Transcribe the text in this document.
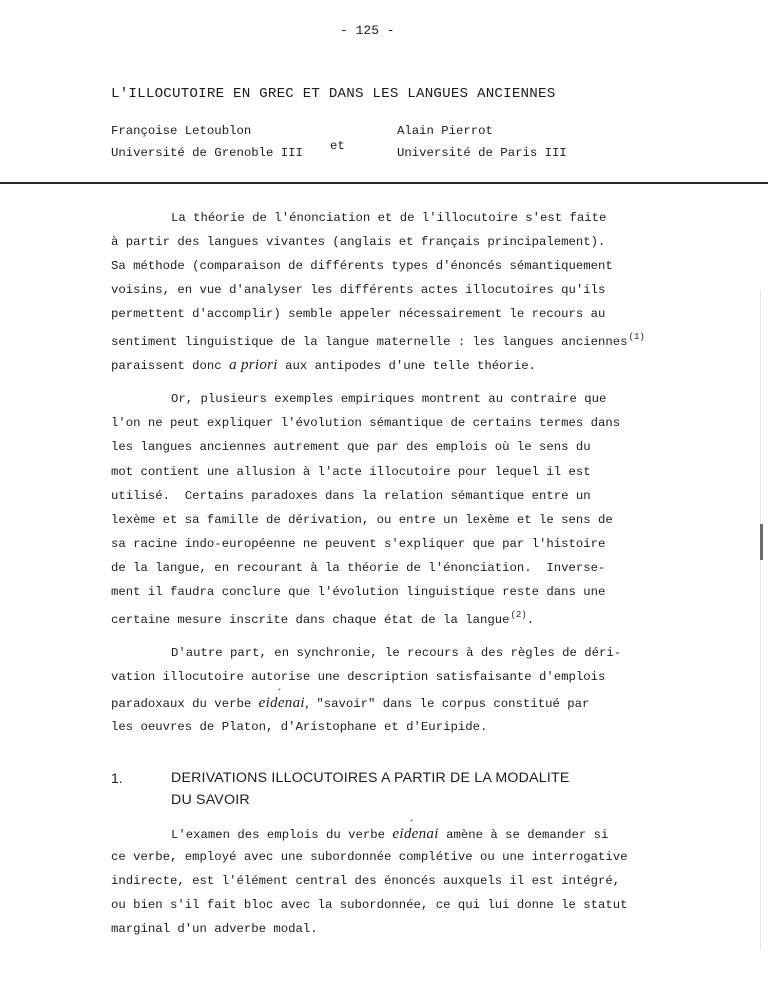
- 125 -

L'ILLOCUTOIRE EN GREC ET DANS LES LANGUES ANCIENNES

Françoise Letoublon

Université de Grenoble III et

Alain Pierrot

Université de Paris III

La théorie de l'énonciation et de l'illocutoire s'est faite

à partir des langues vivantes (anglais et français principalement).

Sa méthode (comparaison de différents types d'énoncés sémantiquement

voisins, en vue d'analyser les différents actes illocutoires qu'ils

permettent d'accomplir) semble appeler nécessairement le recours au

sentiment linguistique de la langue maternelle : les langues anciennes$^{(1)}$

paraissent donc a priori aux antipodes d'une telle théorie.

Or, plusieurs exemples empiriques montrent au contraire que

l'on ne peut expliquer l'évolution sémantique de certains termes dans

les langues anciennes autrement que par des emplois où le sens du

mot contient une allusion à l'acte illocutoire pour lequel il est

utilisé.  Certains paradoxes dans la relation sémantique entre un

lexème et sa famille de dérivation, ou entre un lexème et le sens de

sa racine indo-européenne ne peuvent s'expliquer que par l'histoire

de la langue, en recourant à la théorie de l'énonciation.  Inverse-

ment il faudra conclure que l'évolution linguistique reste dans une

certaine mesure inscrite dans chaque état de la langue$^{(2)}$.

D'autre part, en synchronie, le recours à des règles de déri-

vation illocutoire autorise une description satisfaisante d'emplois

paradoxaux du verbe ˊ eidenai, "savoir" dans le corpus constitué par

les oeuvres de Platon, d'Aristophane et d'Euripide.

1.	DERIVATIONS ILLOCUTOIRES A PARTIR DE LA MODALITE

DU SAVOIR

L'examen des emplois du verbe ˊ eidenai amène à se demander si

ce verbe, employé avec une subordonnée complétive ou une interrogative

indirecte, est l'élément central des énoncés auxquels il est intégré,

ou bien s'il fait bloc avec la subordonnée, ce qui lui donne le statut

marginal d'un adverbe modal.
